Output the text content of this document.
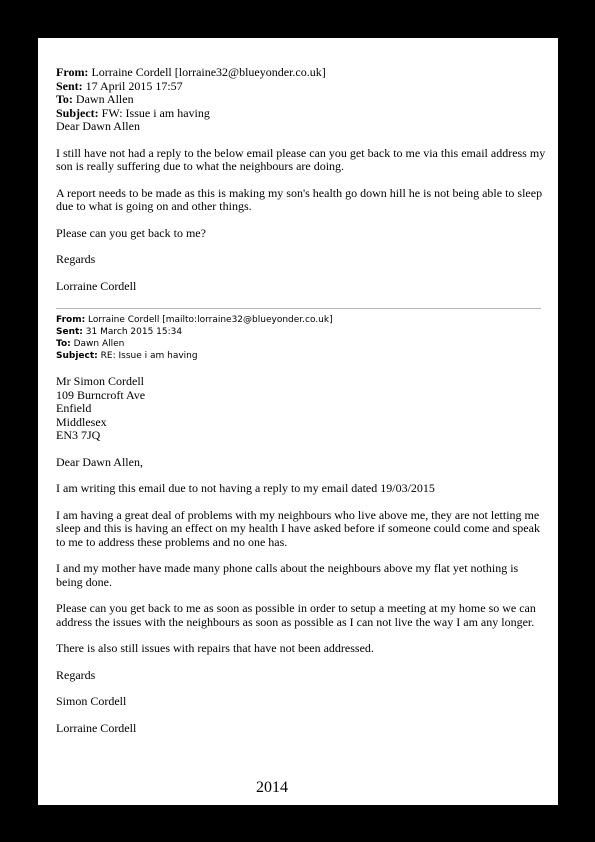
From: Lorraine Cordell [lorraine32@blueyonder.co.uk]
Sent: 17 April 2015 17:57
To: Dawn Allen
Subject: FW: Issue i am having

Dear Dawn Allen

I still have not had a reply to the below email please can you get back to me via this email address my son is really suffering due to what the neighbours are doing.

A report needs to be made as this is making my son's health go down hill he is not being able to sleep due to what is going on and other things.

Please can you get back to me?

Regards

Lorraine Cordell

From: Lorraine Cordell [mailto:lorraine32@blueyonder.co.uk]
Sent: 31 March 2015 15:34
To: Dawn Allen
Subject: RE: Issue i am having
Mr Simon Cordell
109 Burncroft Ave
Enfield
Middlesex
EN3 7JQ

Dear Dawn Allen,

I am writing this email due to not having a reply to my email dated 19/03/2015

I am having a great deal of problems with my neighbours who live above me, they are not letting me sleep and this is having an effect on my health I have asked before if someone could come and speak to me to address these problems and no one has.

I and my mother have made many phone calls about the neighbours above my flat yet nothing is being done.

Please can you get back to me as soon as possible in order to setup a meeting at my home so we can address the issues with the neighbours as soon as possible as I can not live the way I am any longer.

There is also still issues with repairs that have not been addressed.

Regards

Simon Cordell

Lorraine Cordell

2014
